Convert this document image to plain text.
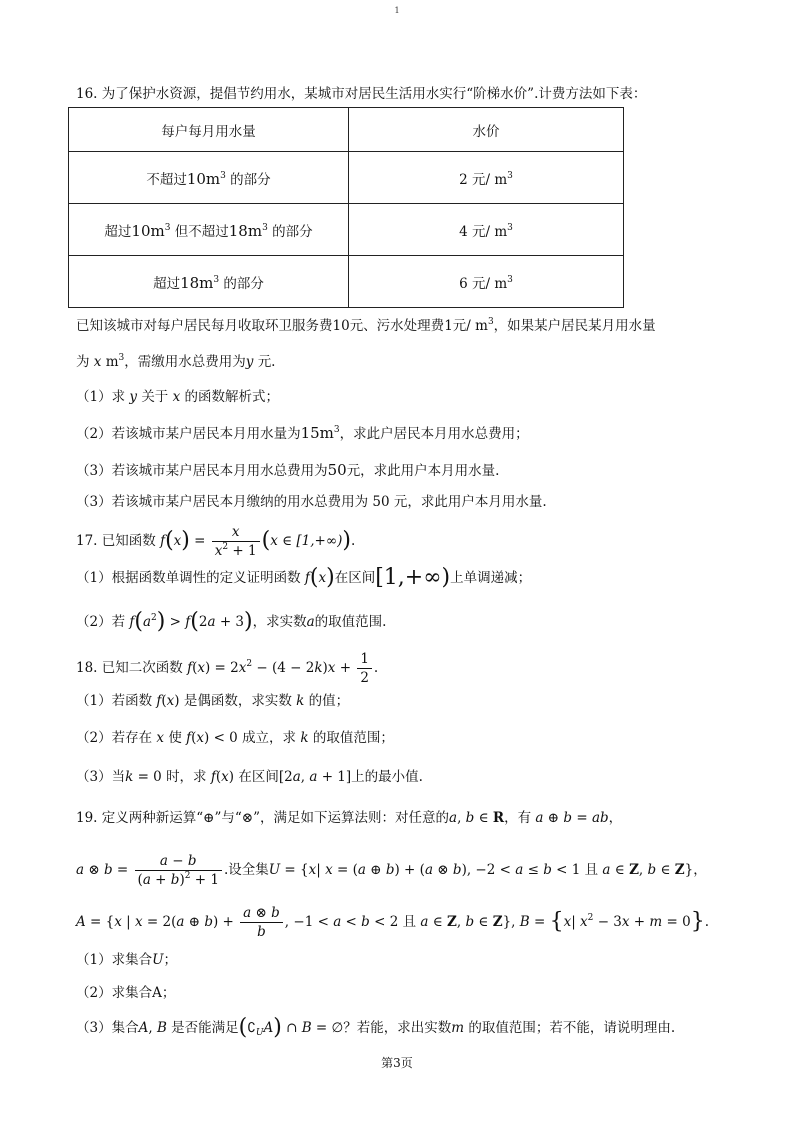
1
16. 为了保护水资源，提倡节约用水，某城市对居民生活用水实行“阶梯水价”.计费方法如下表：
每户每月用水量	水价
不超过$10m^3$ 的部分	2 元/ $m^3$
超过$10m^3$ 但不超过$18m^3$ 的部分	4 元/ $m^3$
超过$18m^3$ 的部分	6 元/ $m^3$
已知该城市对每户居民每月收取环卫服务费10元、污水处理费1元/ $m^3$，如果某户居民某月用水量
为 x $m^3$，需缴用水总费用为y 元.
（1）求 y 关于 x 的函数解析式；
（2）若该城市某户居民本月用水量为$15m^3$，求此户居民本月用水总费用；
（3）若该城市某户居民本月用水总费用为50元，求此用户本月用水量.
（3）若该城市某户居民本月缴纳的用水总费用为 50 元，求此用户本月用水量.
17. 已知函数 $f(x) = \frac{x}{x^2 + 1} (x$ ∈ [1,+∞)).
（1）根据函数单调性的定义证明函数 f(x)在区间[1,+∞)上单调递减；
（2）若 $f(a^2) > f(2a + 3)$，求实数a的取值范围.
18. 已知二次函数 $f(x) = 2x^2 - (4 - 2k)x + \frac{1}{2}$ .
（1）若函数 f(x) 是偶函数，求实数 k 的值；
（2）若存在 x 使 f(x) < 0 成立，求 k 的取值范围；
（3）当k = 0 时，求 f(x) 在区间[2a, a + 1]上的最小值.
19. 定义两种新运算“⊕”与“⊗”，满足如下运算法则：对任意的a, b ∈ R，有 a ⊕ b = ab，
a ⊗ $b = \frac{a - b}{(a + b)^2 + 1}$ .设全集U = {x| x = (a ⊕ b) + (a ⊗ b), −2 < a ≤ b < 1 且 a ∈ Z, b ∈ Z}，
A = {x | x = 2(a ⊕ $b) + \frac{a \otimes b}{b}$ , −1 < a < b < 2 且 a ∈ Z, b ∈ Z}, B = {x| $x^2 - 3x + m = 0$}.
（1）求集合U；
（2）求集合A；
（3）集合A, B 是否能满足$(∁_UA)$ ∩ B = ∅？若能，求出实数m 的取值范围；若不能，请说明理由.
第3页
